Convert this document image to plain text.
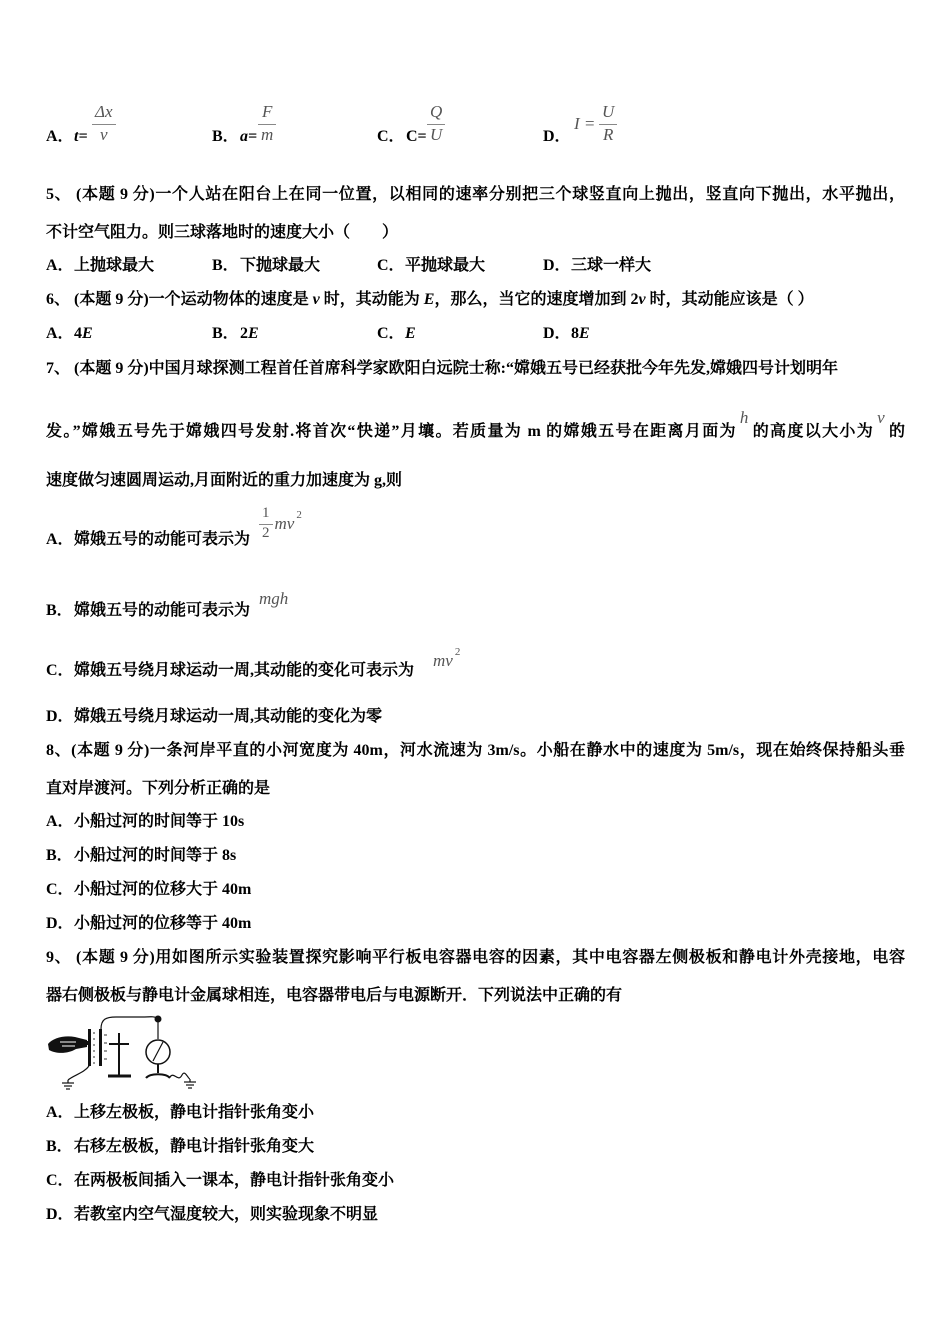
A． $t= \frac{\Delta x}{v}$	B． $a= \frac{F}{m}$	C． $C= \frac{Q}{U}$	D．
$I = \frac{U}{R}$
5、 (本题 9 分)一个人站在阳台上在同一位置，以相同的速率分别把三个球竖直向上抛出，竖直向下抛出，水平抛出，
不计空气阻力。则三球落地时的速度大小（　　）
A．上抛球最大	B．下抛球最大	C．平抛球最大	D．三球一样大
6、 (本题 9 分)一个运动物体的速度是 v 时，其动能为 E，那么，当它的速度增加到 2v 时，其动能应该是（ ）
A．4E	B．2E	C．E	D．8E
7、 (本题 9 分)中国月球探测工程首任首席科学家欧阳白远院士称:“嫦娥五号已经获批今年先发,嫦娥四号计划明年
发。”嫦娥五号先于嫦娥四号发射.将首次“快递”月壤。若质量为 m 的嫦娥五号在距离月面为h的高度以大小为v的
速度做匀速圆周运动,月面附近的重力加速度为 g,则
A．嫦娥五号的动能可表示为 $\frac{1}{2}$ mv 2
B．嫦娥五号的动能可表示为
mgh
C．嫦娥五号绕月球运动一周,其动能的变化可表示为
mv 2
D．嫦娥五号绕月球运动一周,其动能的变化为零
8、(本题 9 分)一条河岸平直的小河宽度为 40m，河水流速为 3m/s。小船在静水中的速度为 5m/s，现在始终保持船头垂
直对岸渡河。下列分析正确的是
A．小船过河的时间等于 10s
B．小船过河的时间等于 8s
C．小船过河的位移大于 40m
D．小船过河的位移等于 40m
9、 (本题 9 分)用如图所示实验装置探究影响平行板电容器电容的因素，其中电容器左侧极板和静电计外壳接地，电容
器右侧极板与静电计金属球相连，电容器带电后与电源断开．下列说法中正确的有
A．上移左极板，静电计指针张角变小
B．右移左极板，静电计指针张角变大
C．在两极板间插入一课本，静电计指针张角变小
D．若教室内空气湿度较大，则实验现象不明显
